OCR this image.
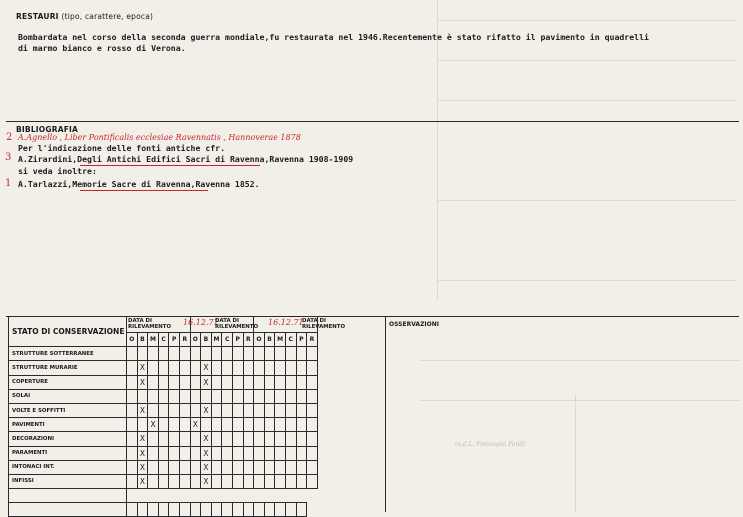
RESTAURI (tipo, carattere, epoca)
Bombardata nel corso della seconda guerra mondiale,fu restaurata nel 1946.Recentemente è stato rifatto il pavimento in quadrelli
di marmo bianco e rosso di Verona.
BIBLIOGRAFIA
2 A.Agnello , Liber Pontificalis ecclesiae Ravennatis , Hannoverae 1878
Per l'indicazione delle fonti antiche cfr.
3 A.Zirardini,Degli Antichi Edifici Sacri di Ravenna,Ravenna 1908-1909
si veda inoltre:
1 A.Tarlazzi,Memorie Sacre di Ravenna,Ravenna 1852.
STATO DI CONSERVAZIONE																		
	O	B	M	C	P	R	O	B	M	C	P	R	O	B	M	C	P	R
STRUTTURE SOTTERRANEE																		
STRUTTURE MURARIE		X						X										
COPERTURE		X						X										
SOLAI																		
VOLTE E SOFFITTI		X						X										
PAVIMENTI			X				X											
DECORAZIONI		X						X										
PARAMENTI		X						X										
INTONACI INT.		X						X										
INFISSI		X						X										

DATA DI RILEVAMENTO	16.12.71
DATA DI RILEVAMENTO	16.12.71
DATA DI RILEVAMENTO	OSSERVAZIONI
(a.d.L. Fotocopia Fond)
